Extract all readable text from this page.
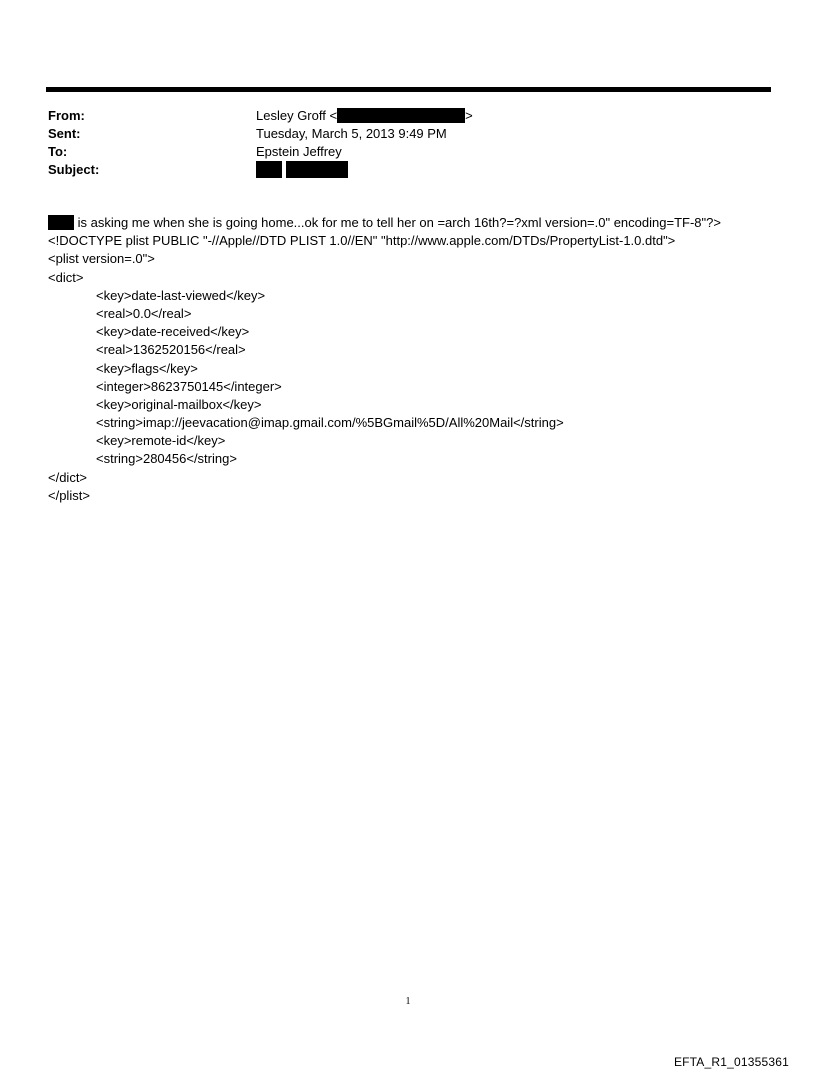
From:	Lesley Groff <	>
Sent:	Tuesday, March 5, 2013 9:49 PM
To:	Epstein Jeffrey
Subject:
is asking me when she is going home...ok for me to tell her on =arch 16th?=?xml version=.0" encoding=TF-8"?>
<!DOCTYPE plist PUBLIC "-//Apple//DTD PLIST 1.0//EN" "http://www.apple.com/DTDs/PropertyList-1.0.dtd">
<plist version=.0">
<dict>
<key>date-last-viewed</key>
<real>0.0</real>
<key>date-received</key>
<real>1362520156</real>
<key>flags</key>
<integer>8623750145</integer>
<key>original-mailbox</key>
<string>imap://jeevacation@imap.gmail.com/%5BGmail%5D/All%20Mail</string>
<key>remote-id</key>
<string>280456</string>
</dict>
</plist>
1
EFTA_R1_01355361
